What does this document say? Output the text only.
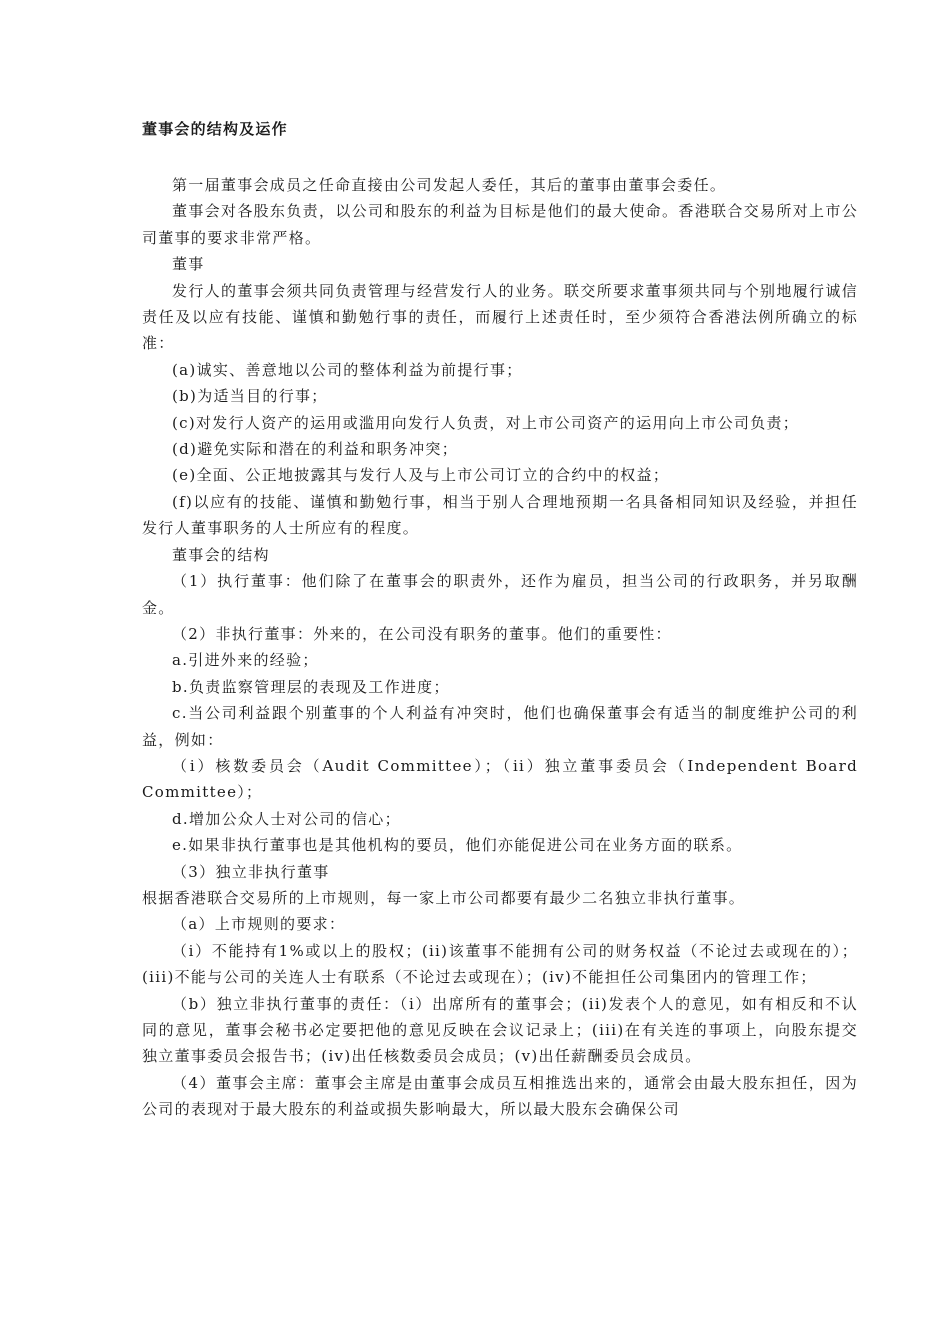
董事会的结构及运作

第一届董事会成员之任命直接由公司发起人委任，其后的董事由董事会委任。

董事会对各股东负责，以公司和股东的利益为目标是他们的最大使命。香港联合交易所对上市公司董事的要求非常严格。

董事

发行人的董事会须共同负责管理与经营发行人的业务。联交所要求董事须共同与个别地履行诚信责任及以应有技能、谨慎和勤勉行事的责任，而履行上述责任时，至少须符合香港法例所确立的标准：

(a)诚实、善意地以公司的整体利益为前提行事；

(b)为适当目的行事；

(c)对发行人资产的运用或滥用向发行人负责，对上市公司资产的运用向上市公司负责；

(d)避免实际和潜在的利益和职务冲突；

(e)全面、公正地披露其与发行人及与上市公司订立的合约中的权益；

(f)以应有的技能、谨慎和勤勉行事，相当于别人合理地预期一名具备相同知识及经验，并担任发行人董事职务的人士所应有的程度。

董事会的结构

（1）执行董事：他们除了在董事会的职责外，还作为雇员，担当公司的行政职务，并另取酬金。

（2）非执行董事：外来的，在公司没有职务的董事。他们的重要性：

a.引进外来的经验；

b.负责监察管理层的表现及工作进度；

c.当公司利益跟个别董事的个人利益有冲突时，他们也确保董事会有适当的制度维护公司的利益，例如：

（i）核数委员会（Audit Committee）；（ii）独立董事委员会（Independent Board Committee）；

d.增加公众人士对公司的信心；

e.如果非执行董事也是其他机构的要员，他们亦能促进公司在业务方面的联系。

（3）独立非执行董事

根据香港联合交易所的上市规则，每一家上市公司都要有最少二名独立非执行董事。

（a）上市规则的要求：

（i）不能持有1%或以上的股权；(ii)该董事不能拥有公司的财务权益（不论过去或现在的）；(iii)不能与公司的关连人士有联系（不论过去或现在）；(iv)不能担任公司集团内的管理工作；

（b）独立非执行董事的责任：（i）出席所有的董事会；(ii)发表个人的意见，如有相反和不认同的意见，董事会秘书必定要把他的意见反映在会议记录上；(iii)在有关连的事项上，向股东提交独立董事委员会报告书；(iv)出任核数委员会成员；(v)出任薪酬委员会成员。

（4）董事会主席：董事会主席是由董事会成员互相推选出来的，通常会由最大股东担任，因为公司的表现对于最大股东的利益或损失影响最大，所以最大股东会确保公司
